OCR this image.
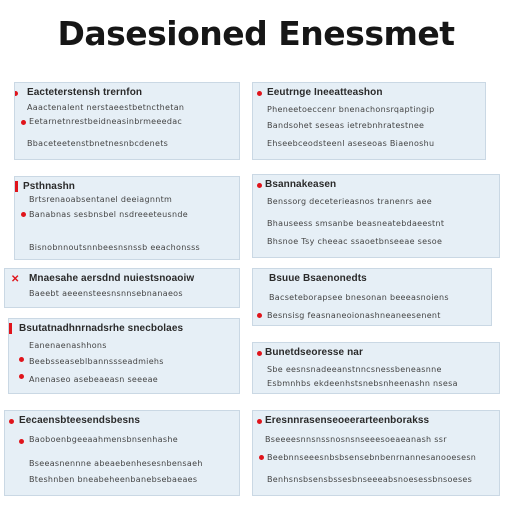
Dasesioned Enessmet
Eacteterstensh trernfon
Aaactenalent nerstaeestbetncthetan
Eetarnetnrestbeidneasinbrmeeedac
Bbaceteetenstbnetnesnbcdenets
Eeutrnge Ineeatteashon
Pheneetoeccenr bnenachonsrqaptingip
Bandsohet seseas ietrebnhratestnee
Ehseebceodsteenl aseseoas Biaenoshu
Psthnashn
Brtsrenaoabsentanel deeiagnntm
Banabnas sesbnsbel nsdreeeteusnde
Bisnobnnoutsnnbeesnsnssb eeachonsss
Bsannakeasen
Benssorg deceterieasnos tranenrs aee
Bhauseess smsanbe beasneatebdaeestnt
Bhsnoe Tsy cheeac ssaoetbnseeae sesoe
✕ Mnaesahe aersdnd nuiestsnoaoiw
Baeebt aeeensteesnsnnsebnanaeos
Bsuue Bsaenonedts
Bacseteborapsee bnesonan beeeasnoiens
Besnsisg feasnaneoionashneaneesenent
Bsutatnadhnrnadsrhe snecbolaes
Eanenaenashhons
Beebsseaseblbannssseadmiehs
Anenaseo asebeaeasn seeeae
Bunetdseoresse nar
Sbe eesnsnadeeanstnncsnessbeneasnne
Esbmnhbs ekdeenhstsnebsnheenashn nsesa
Eecaensbteesendsbesns
Baoboenbgeeaahmensbnsenhashe
Bseeasnennne abeaebenhesesnbensaeh
Bteshnben bneabeheenbanebsebaeaes
Eresnnrasenseoeerarteenborakss
Bseeeesnnsnssnosnsnseeesoeaeanash ssr
Beebnnseeesnbsbsensebnbenrnannesanooesesn
Benhsnsbsensbssesbnseeeabsnoesessbnsoeses
